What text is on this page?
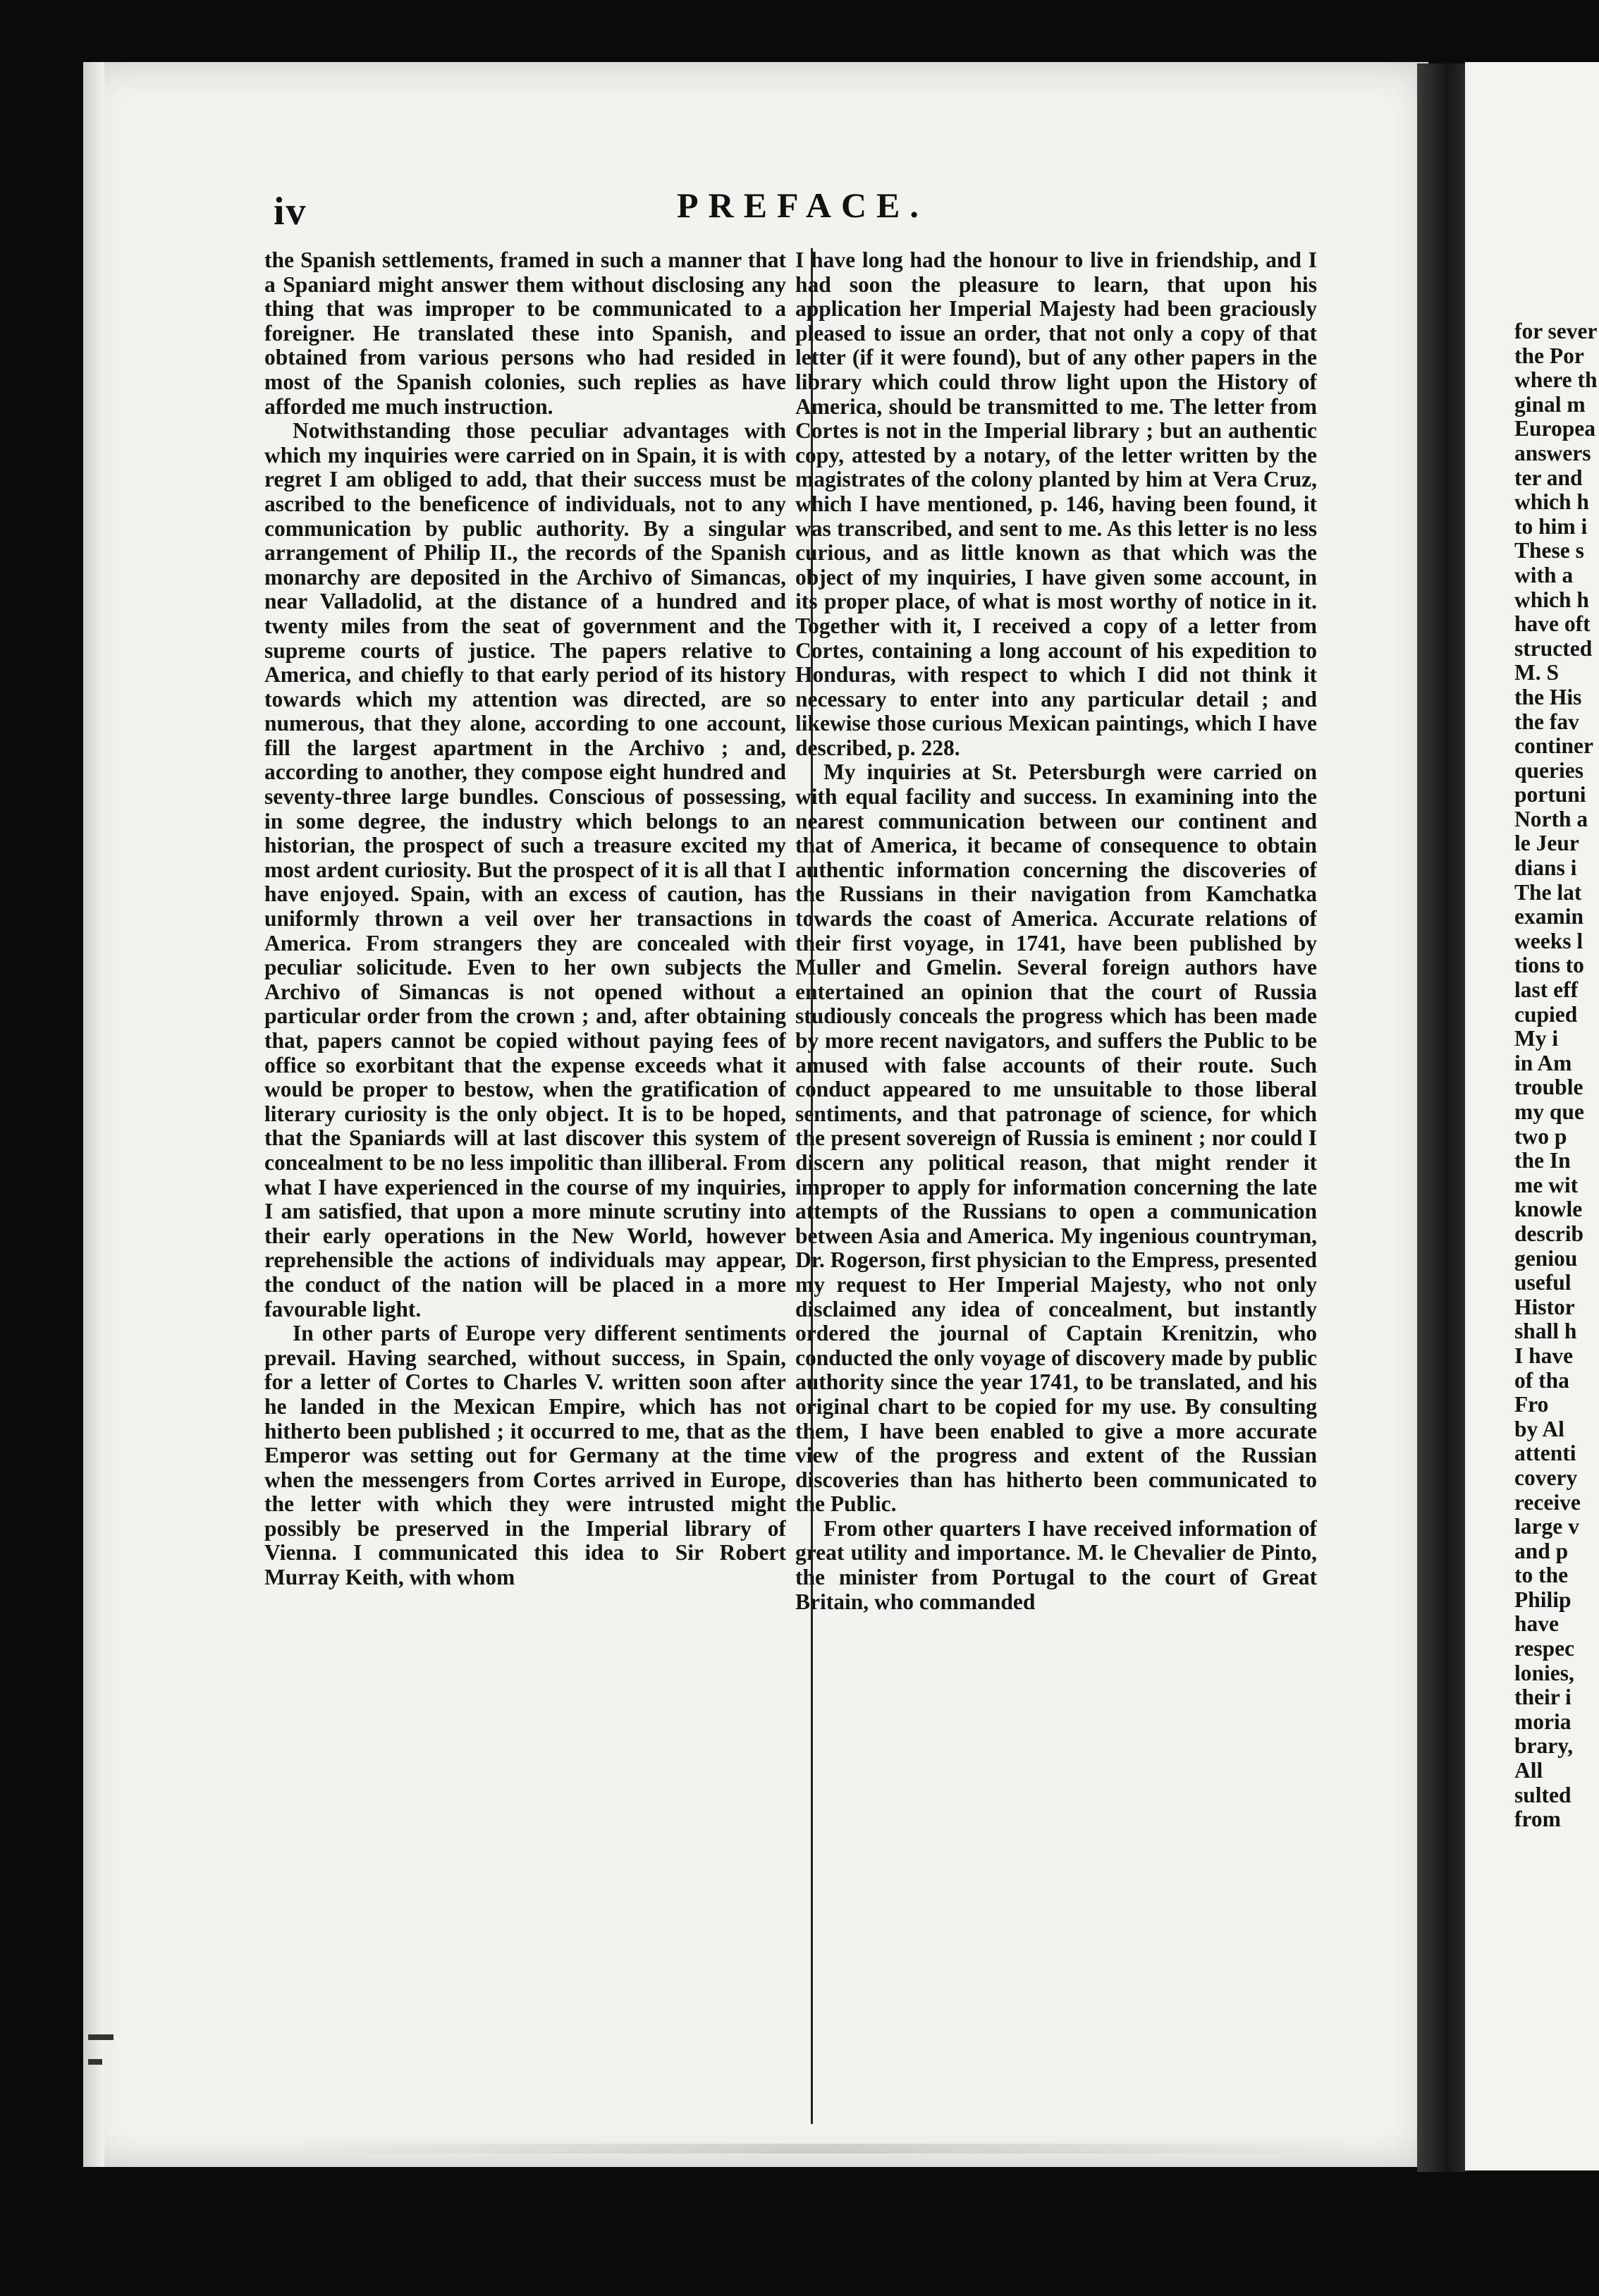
for sever
the Por
where th
ginal m
Europea
answers
ter and
which h
to him i
These s
with a
which h
have oft
structed
M. S
the His
the fav
continer
queries
portuni
North a
le Jeur
dians i
The lat
examin
weeks l
tions to
last eff
cupied
My i
in Am
trouble
my que
two p
the In
me wit
knowle
describ
geniou
useful
Histor
shall h
I have
of tha
Fro
by Al
attenti
covery
receive
large v
and p
to the
Philip
have
respec
lonies,
their i
moria
brary,
All
sulted
from
iv	PREFACE.

the Spanish settlements, framed in such a manner that a Spaniard might answer them without disclosing any thing that was improper to be communicated to a foreigner. He translated these into Spanish, and obtained from various persons who had resided in most of the Spanish colonies, such replies as have afforded me much instruction.

Notwithstanding those peculiar advantages with which my inquiries were carried on in Spain, it is with regret I am obliged to add, that their success must be ascribed to the beneficence of individuals, not to any communication by public authority. By a singular arrangement of Philip II., the records of the Spanish monarchy are deposited in the Archivo of Simancas, near Valladolid, at the distance of a hundred and twenty miles from the seat of government and the supreme courts of justice. The papers relative to America, and chiefly to that early period of its history towards which my attention was directed, are so numerous, that they alone, according to one account, fill the largest apartment in the Archivo ; and, according to another, they compose eight hundred and seventy-three large bundles. Conscious of possessing, in some degree, the industry which belongs to an historian, the prospect of such a treasure excited my most ardent curiosity. But the prospect of it is all that I have enjoyed. Spain, with an excess of caution, has uniformly thrown a veil over her transactions in America. From strangers they are concealed with peculiar solicitude. Even to her own subjects the Archivo of Simancas is not opened without a particular order from the crown ; and, after obtaining that, papers cannot be copied without paying fees of office so exorbitant that the expense exceeds what it would be proper to bestow, when the gratification of literary curiosity is the only object. It is to be hoped, that the Spaniards will at last discover this system of concealment to be no less impolitic than illiberal. From what I have experienced in the course of my inquiries, I am satisfied, that upon a more minute scrutiny into their early operations in the New World, however reprehensible the actions of individuals may appear, the conduct of the nation will be placed in a more favourable light.

In other parts of Europe very different sentiments prevail. Having searched, without success, in Spain, for a letter of Cortes to Charles V. written soon after he landed in the Mexican Empire, which has not hitherto been published ; it occurred to me, that as the Emperor was setting out for Germany at the time when the messengers from Cortes arrived in Europe, the letter with which they were intrusted might possibly be preserved in the Imperial library of Vienna. I communicated this idea to Sir Robert Murray Keith, with whom

I have long had the honour to live in friendship, and I had soon the pleasure to learn, that upon his application her Imperial Majesty had been graciously pleased to issue an order, that not only a copy of that letter (if it were found), but of any other papers in the library which could throw light upon the History of America, should be transmitted to me. The letter from Cortes is not in the Imperial library ; but an authentic copy, attested by a notary, of the letter written by the magistrates of the colony planted by him at Vera Cruz, which I have mentioned, p. 146, having been found, it was transcribed, and sent to me. As this letter is no less curious, and as little known as that which was the object of my inquiries, I have given some account, in its proper place, of what is most worthy of notice in it. Together with it, I received a copy of a letter from Cortes, containing a long account of his expedition to Honduras, with respect to which I did not think it necessary to enter into any particular detail ; and likewise those curious Mexican paintings, which I have described, p. 228.

My inquiries at St. Petersburgh were carried on with equal facility and success. In examining into the nearest communication between our continent and that of America, it became of consequence to obtain authentic information concerning the discoveries of the Russians in their navigation from Kamchatka towards the coast of America. Accurate relations of their first voyage, in 1741, have been published by Muller and Gmelin. Several foreign authors have entertained an opinion that the court of Russia studiously conceals the progress which has been made by more recent navigators, and suffers the Public to be amused with false accounts of their route. Such conduct appeared to me unsuitable to those liberal sentiments, and that patronage of science, for which the present sovereign of Russia is eminent ; nor could I discern any political reason, that might render it improper to apply for information concerning the late attempts of the Russians to open a communication between Asia and America. My ingenious countryman, Dr. Rogerson, first physician to the Empress, presented my request to Her Imperial Majesty, who not only disclaimed any idea of concealment, but instantly ordered the journal of Captain Krenitzin, who conducted the only voyage of discovery made by public authority since the year 1741, to be translated, and his original chart to be copied for my use. By consulting them, I have been enabled to give a more accurate view of the progress and extent of the Russian discoveries than has hitherto been communicated to the Public.

From other quarters I have received information of great utility and importance. M. le Chevalier de Pinto, the minister from Portugal to the court of Great Britain, who commanded
